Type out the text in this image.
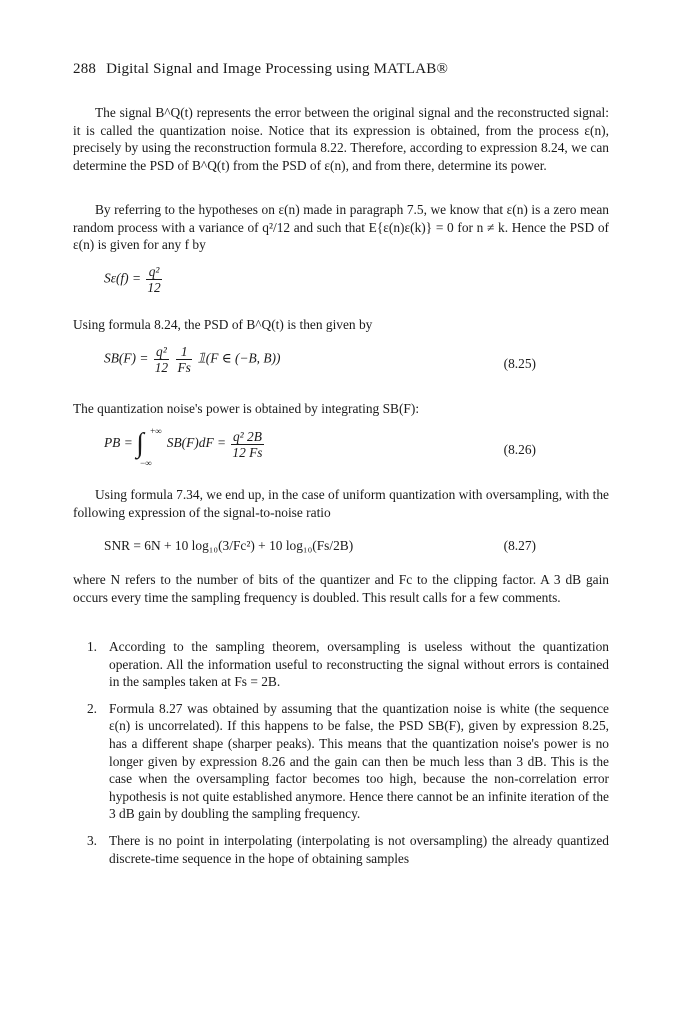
288 Digital Signal and Image Processing using MATLAB®
The signal B^Q(t) represents the error between the original signal and the reconstructed signal: it is called the quantization noise. Notice that its expression is obtained, from the process ε(n), precisely by using the reconstruction formula 8.22. Therefore, according to expression 8.24, we can determine the PSD of B^Q(t) from the PSD of ε(n), and from there, determine its power.
By referring to the hypotheses on ε(n) made in paragraph 7.5, we know that ε(n) is a zero mean random process with a variance of q²/12 and such that E{ε(n)ε(k)} = 0 for n ≠ k. Hence the PSD of ε(n) is given for any f by
$S\varepsilon(f) = \frac{\text{q²}}{12}$
Using formula 8.24, the PSD of B^Q(t) is then given by
$SB(F) = \frac{\text{q²}}{12}$
$\frac{1}{Fs}$ 𝟙(F ∈ (−B, B))	(8.25)
The quantization noise's power is obtained by integrating SB(F):
PB = ∫ +∞
−∞
$SB(F)dF = \frac{\text{q² 2B}}{12 Fs}$	(8.26)
Using formula 7.34, we end up, in the case of uniform quantization with oversampling, with the following expression of the signal-to-noise ratio
SNR = 6N + 10 log₁₀(3/Fc²) + 10 log₁₀(Fs/2B)	(8.27)
where N refers to the number of bits of the quantizer and Fc to the clipping factor. A 3 dB gain occurs every time the sampling frequency is doubled. This result calls for a few comments.
1. According to the sampling theorem, oversampling is useless without the quantization operation. All the information useful to reconstructing the signal without errors is contained in the samples taken at Fs = 2B.
2. Formula 8.27 was obtained by assuming that the quantization noise is white (the sequence ε(n) is uncorrelated). If this happens to be false, the PSD SB(F), given by expression 8.25, has a different shape (sharper peaks). This means that the quantization noise's power is no longer given by expression 8.26 and the gain can then be much less than 3 dB. This is the case when the oversampling factor becomes too high, because the non-correlation error hypothesis is not quite established anymore. Hence there cannot be an infinite iteration of the 3 dB gain by doubling the sampling frequency.
3. There is no point in interpolating (interpolating is not oversampling) the already quantized discrete-time sequence in the hope of obtaining samples
